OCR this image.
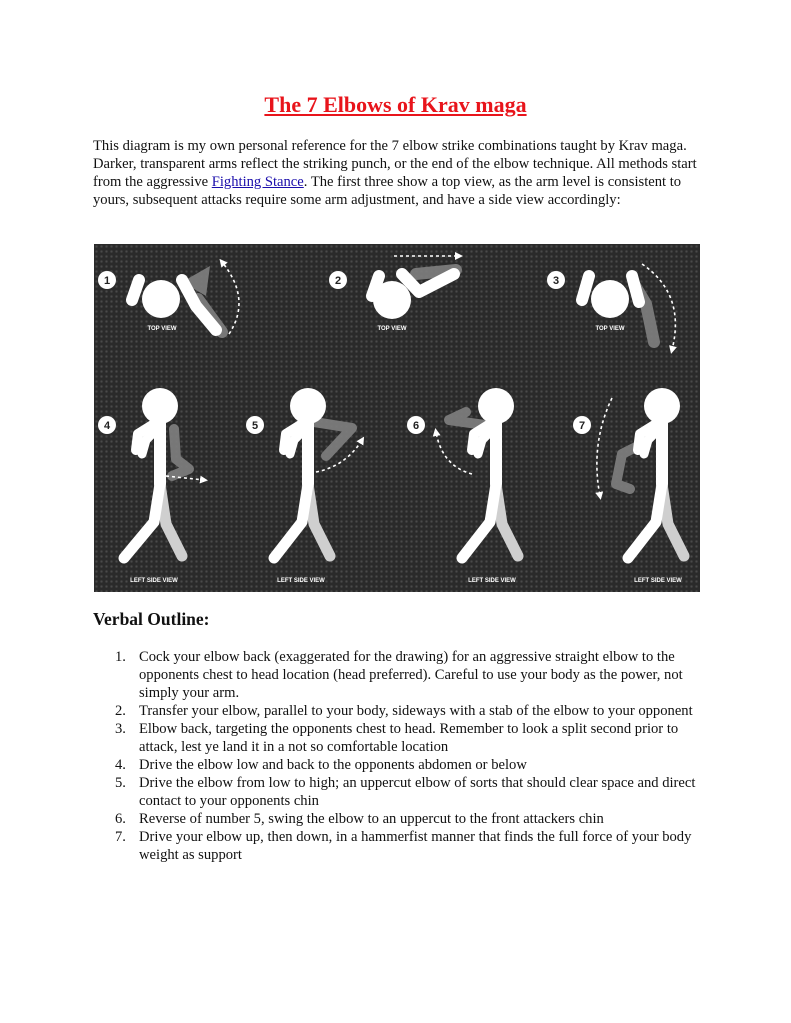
The 7 Elbows of Krav maga

This diagram is my own personal reference for the 7 elbow strike combinations taught by Krav maga. Darker, transparent arms reflect the striking punch, or the end of the elbow technique. All methods start from the aggressive Fighting Stance. The first three show a top view, as the arm level is consistent to yours, subsequent attacks require some arm adjustment, and have a side view accordingly:

1
TOP VIEW
2
TOP VIEW
3
TOP VIEW
4
LEFT SIDE VIEW
5
LEFT SIDE VIEW
6
LEFT SIDE VIEW
7
LEFT SIDE VIEW
Verbal Outline:
1. Cock your elbow back (exaggerated for the drawing) for an aggressive straight elbow to the opponents chest to head location (head preferred). Careful to use your body as the power, not simply your arm.
2. Transfer your elbow, parallel to your body, sideways with a stab of the elbow to your opponent
3. Elbow back, targeting the opponents chest to head. Remember to look a split second prior to attack, lest ye land it in a not so comfortable location
4. Drive the elbow low and back to the opponents abdomen or below
5. Drive the elbow from low to high; an uppercut elbow of sorts that should clear space and direct contact to your opponents chin
6. Reverse of number 5, swing the elbow to an uppercut to the front attackers chin
7. Drive your elbow up, then down, in a hammerfist manner that finds the full force of your body weight as support
